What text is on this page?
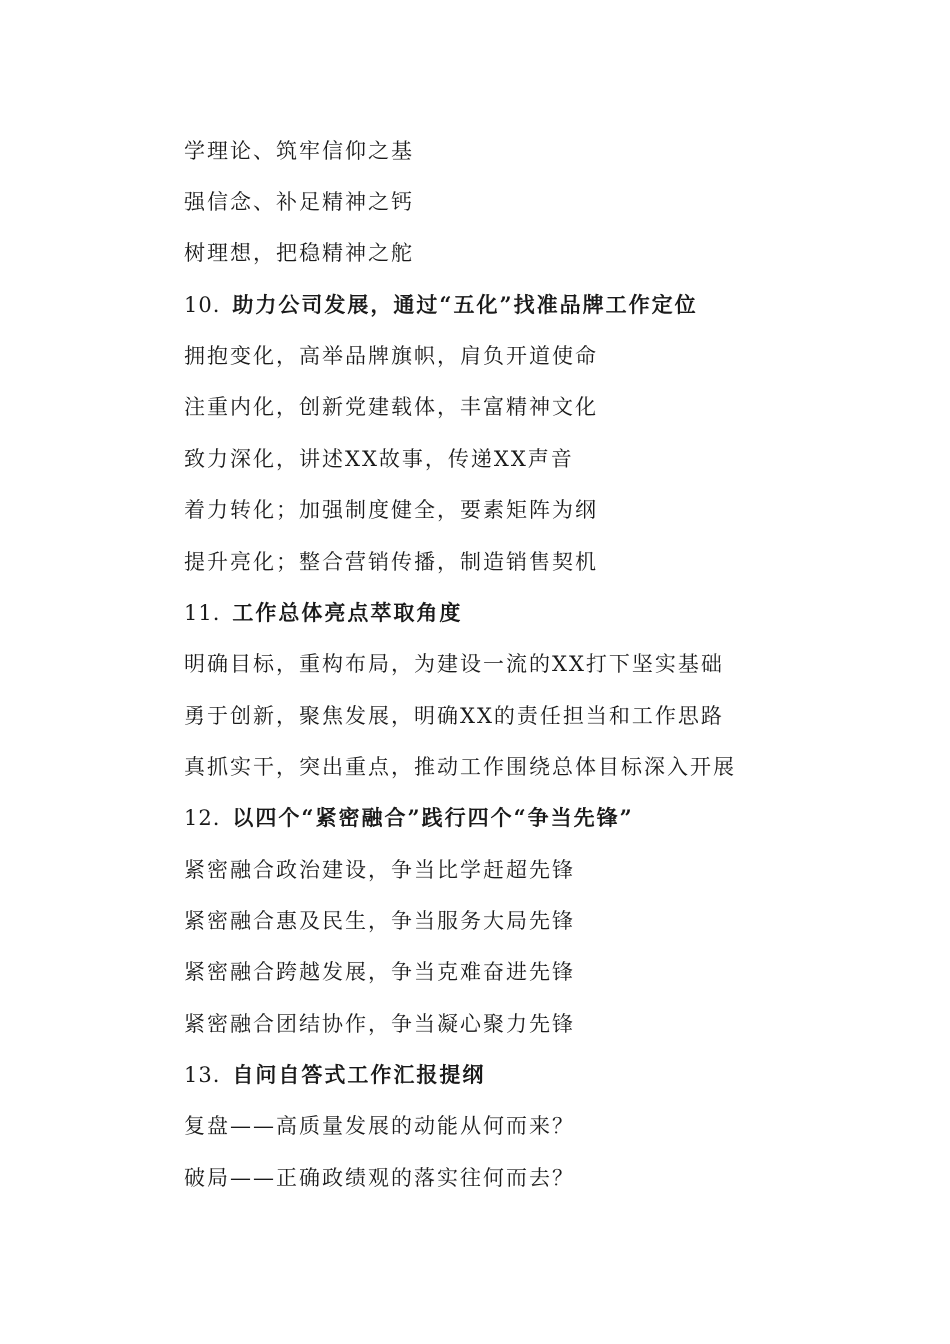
学理论、筑牢信仰之基
强信念、补足精神之钙
树理想，把稳精神之舵
10. 助力公司发展，通过“五化”找准品牌工作定位
拥抱变化，高举品牌旗帜，肩负开道使命
注重内化，创新党建载体，丰富精神文化
致力深化，讲述XX故事，传递XX声音
着力转化；加强制度健全，要素矩阵为纲
提升亮化；整合营销传播，制造销售契机
11. 工作总体亮点萃取角度
明确目标，重构布局，为建设一流的XX打下坚实基础
勇于创新，聚焦发展，明确XX的责任担当和工作思路
真抓实干，突出重点，推动工作围绕总体目标深入开展
12. 以四个“紧密融合”践行四个“争当先锋”
紧密融合政治建设，争当比学赶超先锋
紧密融合惠及民生，争当服务大局先锋
紧密融合跨越发展，争当克难奋进先锋
紧密融合团结协作，争当凝心聚力先锋
13. 自问自答式工作汇报提纲
复盘——高质量发展的动能从何而来？
破局——正确政绩观的落实往何而去？
